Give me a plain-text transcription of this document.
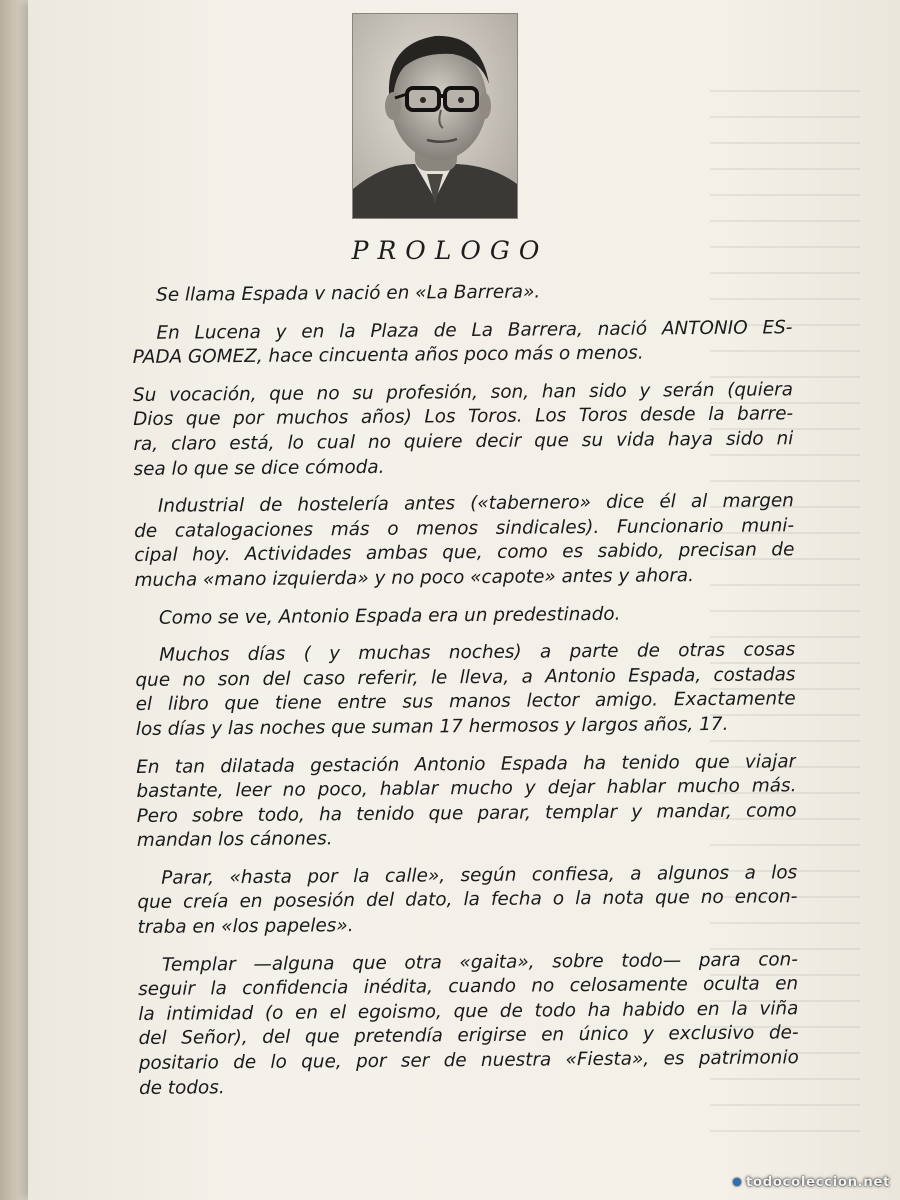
PROLOGO
Se llama Espada v nació en «La Barrera».
En Lucena y en la Plaza de La Barrera, nació ANTONIO ES-
PADA GOMEZ, hace cincuenta años poco más o menos.
Su vocación, que no su profesión, son, han sido y serán (quiera
Dios que por muchos años) Los Toros. Los Toros desde la barre-
ra, claro está, lo cual no quiere decir que su vida haya sido ni
sea lo que se dice cómoda.
Industrial de hostelería antes («tabernero» dice él al margen
de catalogaciones más o menos sindicales). Funcionario muni-
cipal hoy. Actividades ambas que, como es sabido, precisan de
mucha «mano izquierda» y no poco «capote» antes y ahora.
Como se ve, Antonio Espada era un predestinado.
Muchos días ( y muchas noches) a parte de otras cosas
que no son del caso referir, le lleva, a Antonio Espada, costadas
el libro que tiene entre sus manos lector amigo. Exactamente
los días y las noches que suman 17 hermosos y largos años, 17.
En tan dilatada gestación Antonio Espada ha tenido que viajar
bastante, leer no poco, hablar mucho y dejar hablar mucho más.
Pero sobre todo, ha tenido que parar, templar y mandar, como
mandan los cánones.
Parar, «hasta por la calle», según confiesa, a algunos a los
que creía en posesión del dato, la fecha o la nota que no encon-
traba en «los papeles».
Templar —alguna que otra «gaita», sobre todo— para con-
seguir la confidencia inédita, cuando no celosamente oculta en
la intimidad (o en el egoismo, que de todo ha habido en la viña
del Señor), del que pretendía erigirse en único y exclusivo de-
positario de lo que, por ser de nuestra «Fiesta», es patrimonio
de todos.
todocoleccion.net
